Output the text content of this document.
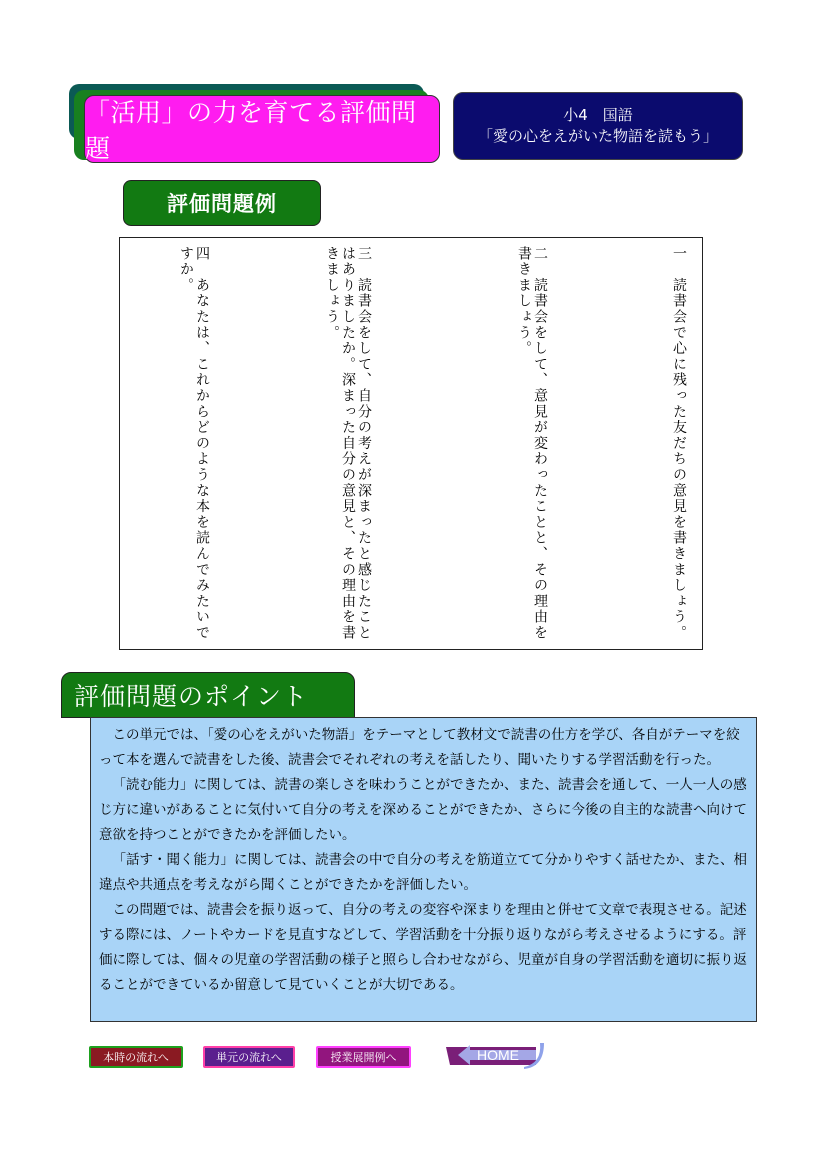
「活用」の力を育てる評価問題
小4　国語
「愛の心をえがいた物語を読もう」
評価問題例
一　読書会で心に残った友だちの意見を書きましょう。
二　読書会をして、意見が変わったことと、その理由を書きましょう。
三　読書会をして、自分の考えが深まったと感じたことはありましたか。深まった自分の意見と、その理由を書きましょう。
四　あなたは、これからどのような本を読んでみたいですか。
評価問題のポイント

この単元では、「愛の心をえがいた物語」をテーマとして教材文で読書の仕方を学び、各自がテーマを絞って本を選んで読書をした後、読書会でそれぞれの考えを話したり、聞いたりする学習活動を行った。

「読む能力」に関しては、読書の楽しさを味わうことができたか、また、読書会を通して、一人一人の感じ方に違いがあることに気付いて自分の考えを深めることができたか、さらに今後の自主的な読書へ向けて意欲を持つことができたかを評価したい。

「話す・聞く能力」に関しては、読書会の中で自分の考えを筋道立てて分かりやすく話せたか、また、相違点や共通点を考えながら聞くことができたかを評価したい。

この問題では、読書会を振り返って、自分の考えの変容や深まりを理由と併せて文章で表現させる。記述する際には、ノートやカードを見直すなどして、学習活動を十分振り返りながら考えさせるようにする。評価に際しては、個々の児童の学習活動の様子と照らし合わせながら、児童が自身の学習活動を適切に振り返ることができているか留意して見ていくことが大切である。

本時の流れへ	単元の流れへ	授業展開例へ	HOME
